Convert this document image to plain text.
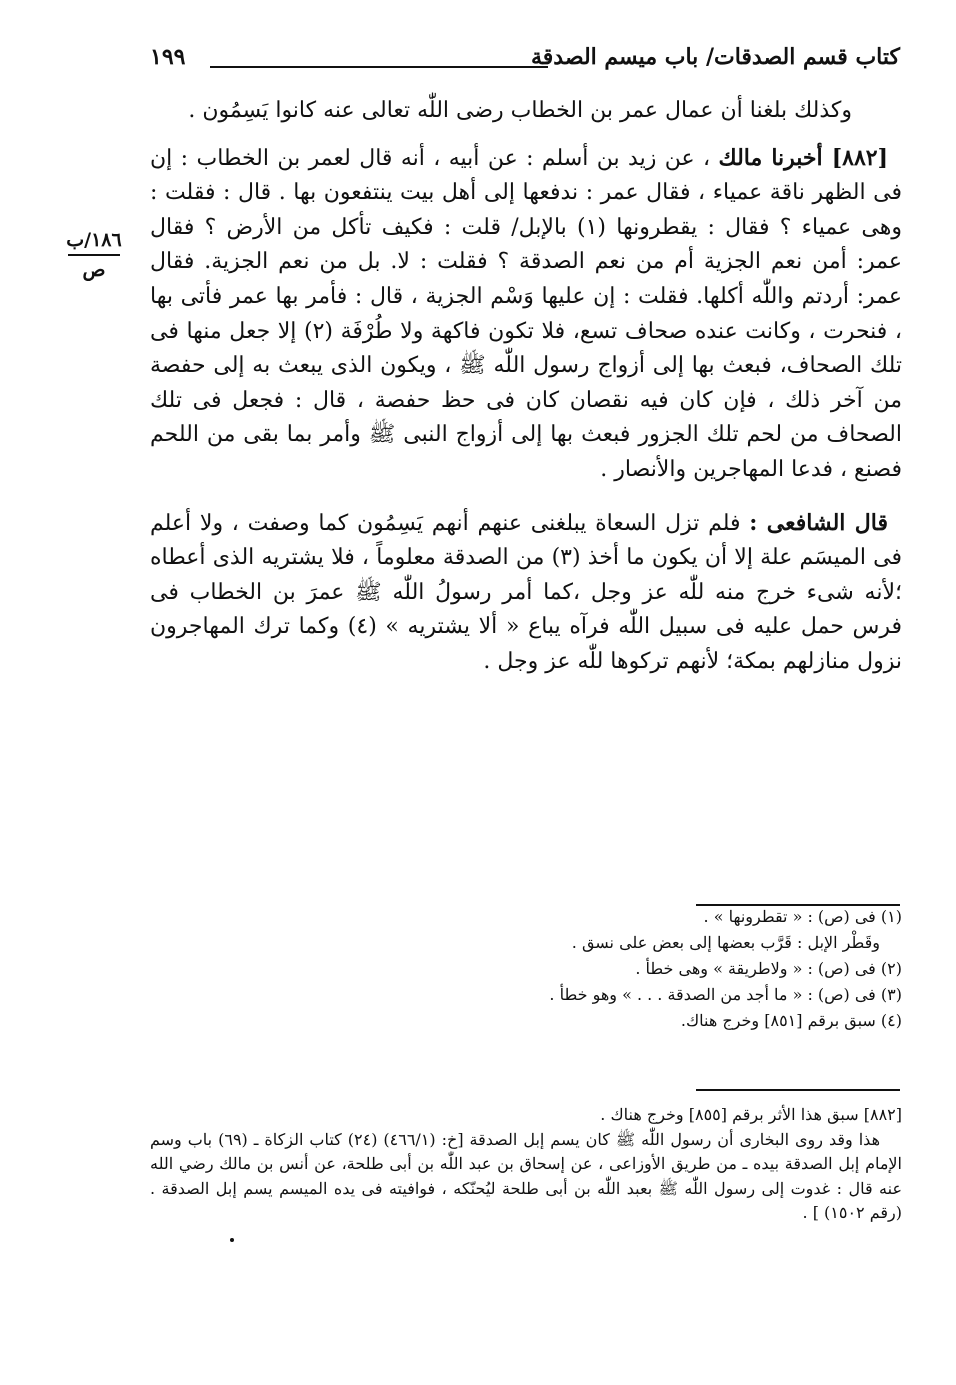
١٩٩	كتاب قسم الصدقات/ باب ميسم الصدقة
١٨٦/ب
ص

وكذلك بلغنا أن عمال عمر بن الخطاب رضى اللّٰه تعالى عنه كانوا يَسِمُون .

[٨٨٢] أخبرنا مالك ، عن زيد بن أسلم : عن أبيه ، أنه قال لعمر بن الخطاب : إن فى الظهر ناقة عمياء ، فقال عمر : ندفعها إلى أهل بيت ينتفعون بها . قال : فقلت : وهى عمياء ؟ فقال : يقطرونها (١) بالإبل/ قلت : فكيف تأكل من الأرض ؟ فقال عمر: أمن نعم الجزية أم من نعم الصدقة ؟ فقلت : لا. بل من نعم الجزية. فقال عمر: أردتم واللّٰه أكلها. فقلت : إن عليها وَسْم الجزية ، قال : فأمر بها عمر فأتى بها ، فنحرت ، وكانت عنده صحاف تسع، فلا تكون فاكهة ولا طُرْفَة (٢) إلا جعل منها فى تلك الصحاف، فبعث بها إلى أزواج رسول اللّٰه ﷺ ، ويكون الذى يبعث به إلى حفصة من آخر ذلك ، فإن كان فيه نقصان كان فى حظ حفصة ، قال : فجعل فى تلك الصحاف من لحم تلك الجزور فبعث بها إلى أزواج النبى ﷺ وأمر بما بقى من اللحم فصنع ، فدعا المهاجرين والأنصار .

قال الشافعى : فلم تزل السعاة يبلغنى عنهم أنهم يَسِمُون كما وصفت ، ولا أعلم فى الميسَم علة إلا أن يكون ما أخذ (٣) من الصدقة معلوماً ، فلا يشتريه الذى أعطاه ؛لأنه شىء خرج منه للّٰه عز وجل ،كما أمر رسولُ اللّٰه ﷺ عمرَ بن الخطاب فى فرس حمل عليه فى سبيل اللّٰه فرآه يباع « ألا يشتريه » (٤) وكما ترك المهاجرون نزول منازلهم بمكة؛ لأنهم تركوها للّٰه عز وجل .

(١) فى (ص) : « تقطرونها » .

وقَطْر الإبل : قَرَّب بعضها إلى بعض على نسق .

(٢) فى (ص) : « ولاطريقة » وهى خطأ .

(٣) فى (ص) : « ما أجد من الصدقة . . . » وهو خطأ .

(٤) سبق برقم [٨٥١] وخرج هناك.

[٨٨٢] سبق هذا الأثر برقم [٨٥٥] وخرج هناك .

هذا وقد روى البخارى أن رسول اللّٰه ﷺ كان يسم إبل الصدقة [خ: (٤٦٦/١) (٢٤) كتاب الزكاة ـ (٦٩) باب وسم الإمام إبل الصدقة بيده ـ من طريق الأوزاعى ، عن إسحاق بن عبد اللّٰه بن أبى طلحة، عن أنس بن مالك رضي الله عنه قال : غدوت إلى رسول اللّٰه ﷺ بعبد اللّٰه بن أبى طلحة ليُحنّكه ، فوافيته فى يده الميسم يسم إبل الصدقة . (رقم ١٥٠٢) ] .
